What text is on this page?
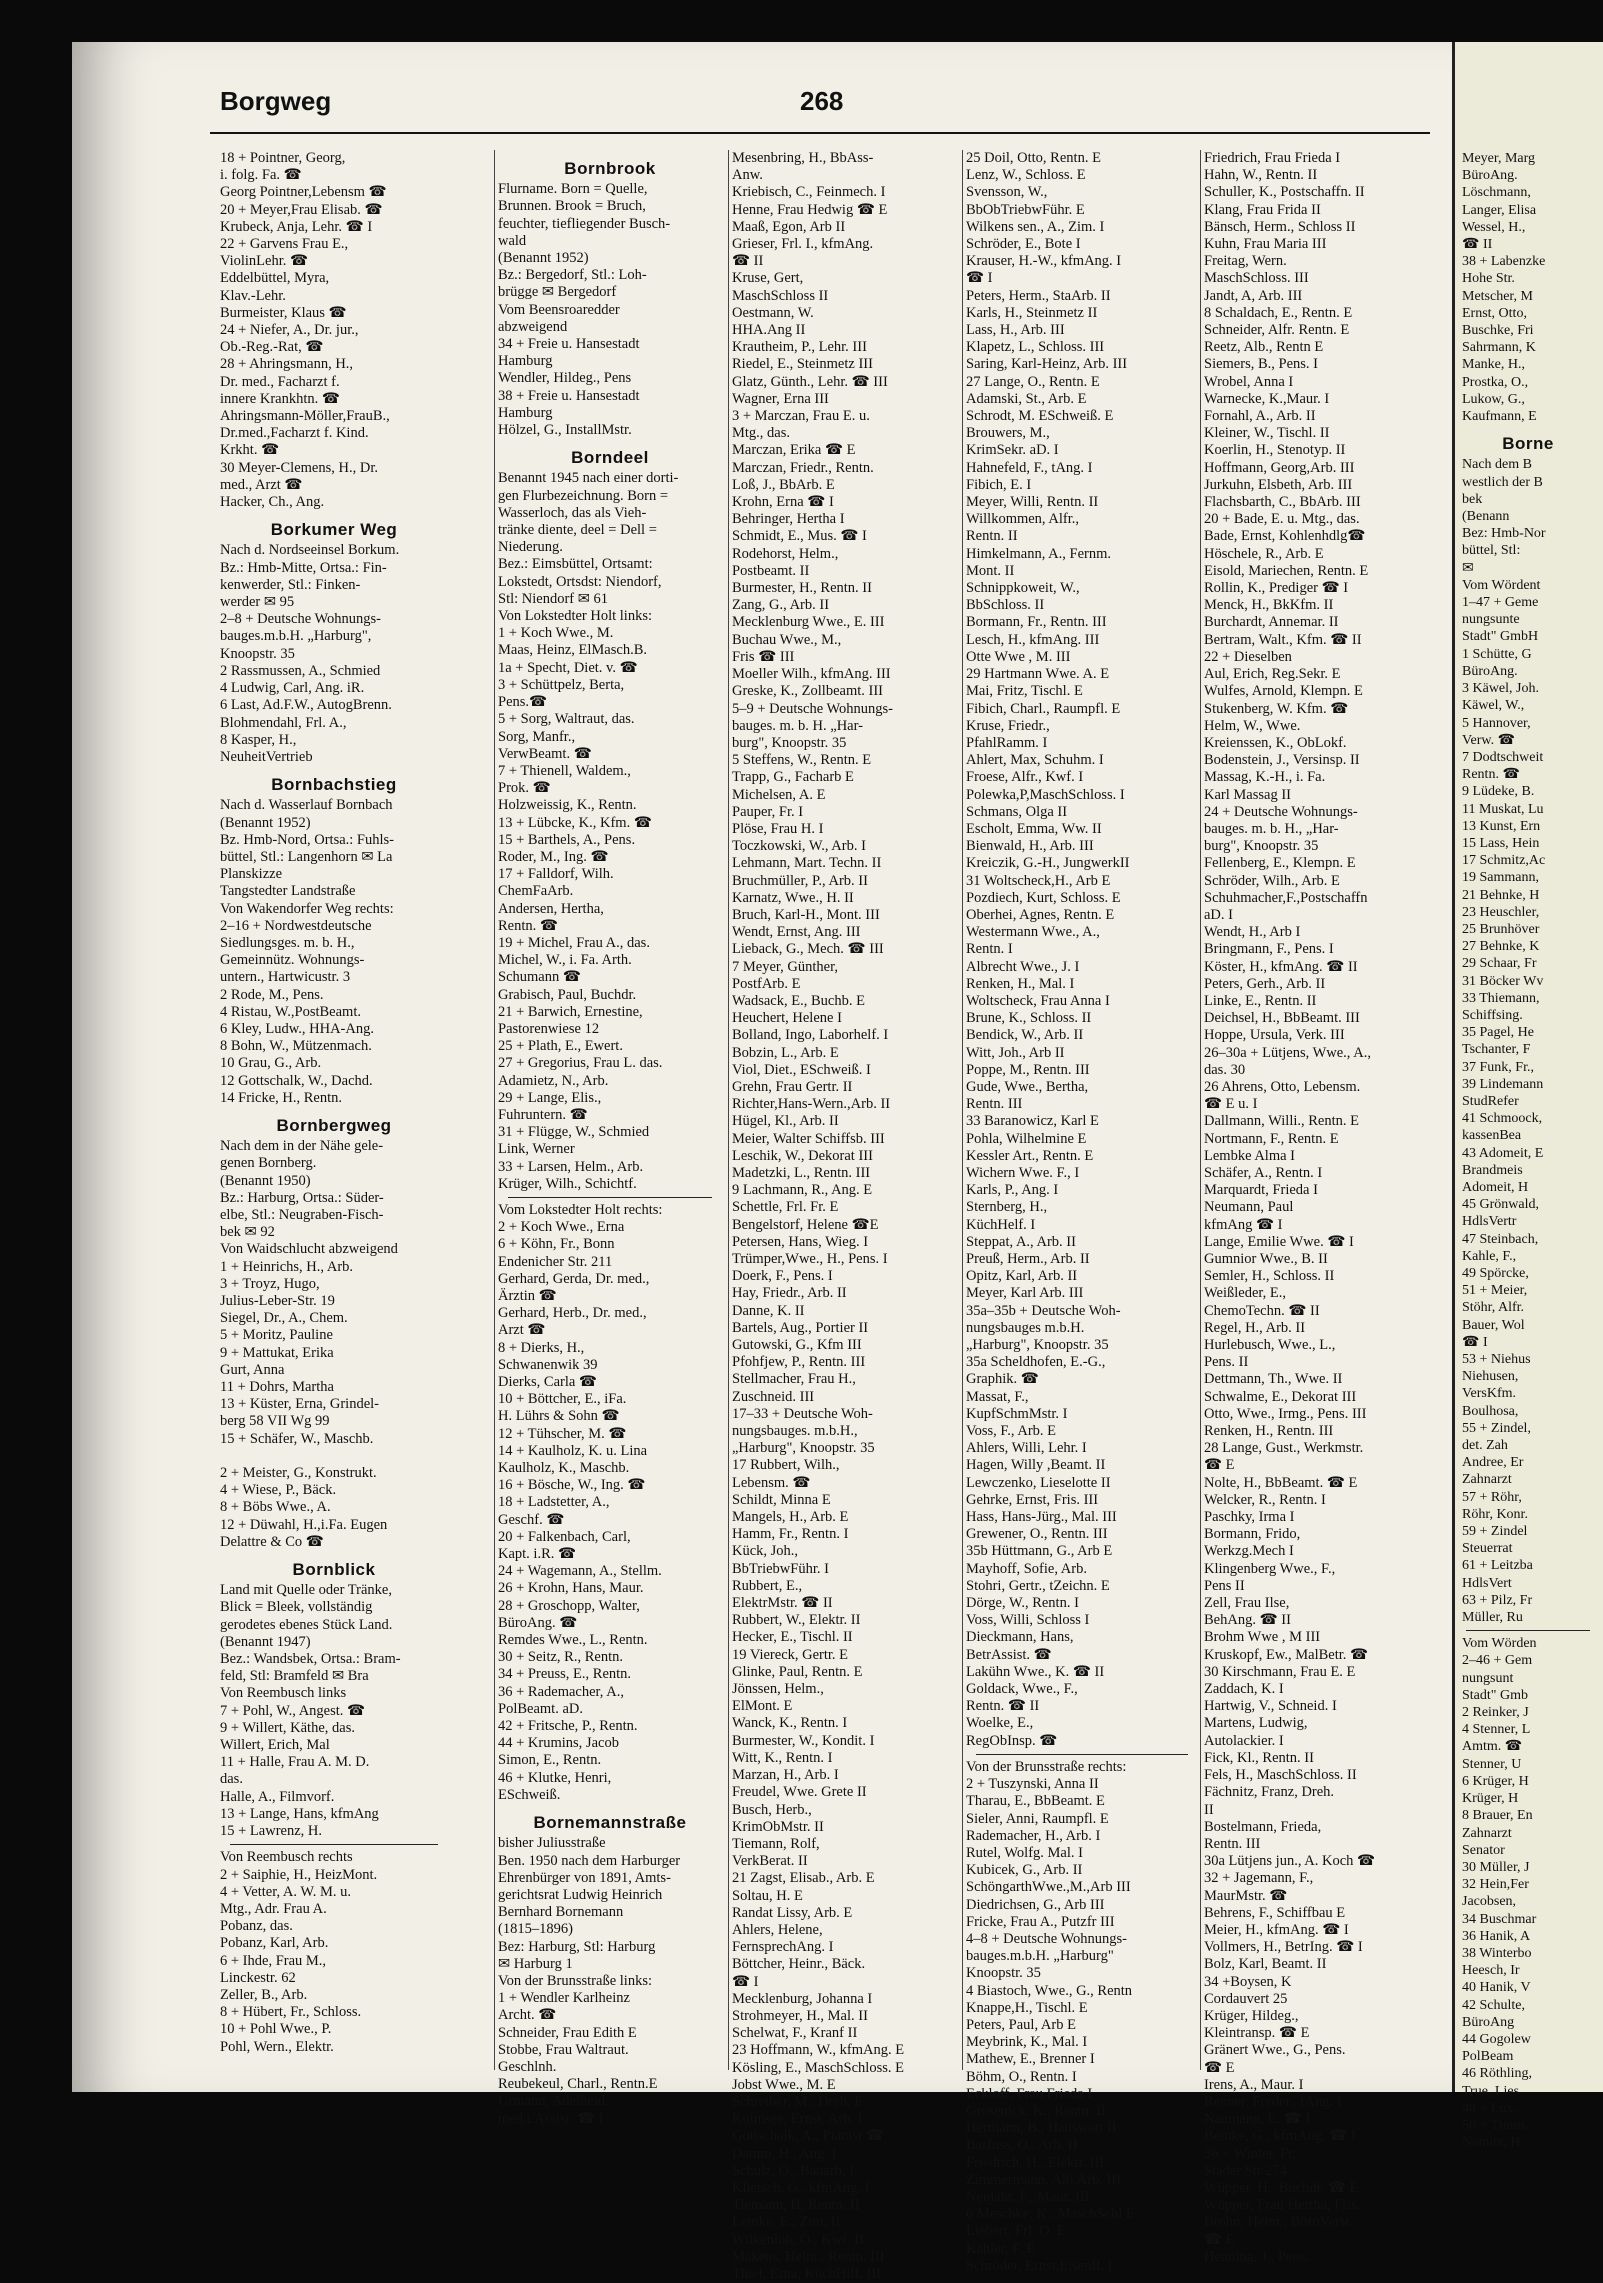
Borgweg	268
18 + Pointner, Georg,
i. folg. Fa. ☎
Georg Pointner,Lebensm ☎
20 + Meyer,Frau Elisab. ☎
Krubeck, Anja, Lehr. ☎ I
22 + Garvens Frau E.,
ViolinLehr. ☎
Eddelbüttel, Myra,
Klav.-Lehr.
Burmeister, Klaus ☎
24 + Niefer, A., Dr. jur.,
Ob.-Reg.-Rat, ☎
28 + Ahringsmann, H.,
Dr. med., Facharzt f.
innere Krankhtn. ☎
Ahringsmann-Möller,FrauB.,
Dr.med.,Facharzt f. Kind.
Krkht. ☎
30 Meyer-Clemens, H., Dr.
med., Arzt ☎
Hacker, Ch., Ang.
Borkumer Weg
Nach d. Nordseeinsel Borkum.
Bz.: Hmb-Mitte, Ortsa.: Fin-
kenwerder, Stl.: Finken-
werder ✉ 95
2–8 + Deutsche Wohnungs-
bauges.m.b.H. „Harburg",
Knoopstr. 35
2 Rassmussen, A., Schmied
4 Ludwig, Carl, Ang. iR.
6 Last, Ad.F.W., AutogBrenn.
Blohmendahl, Frl. A.,
8 Kasper, H.,
NeuheitVertrieb
Bornbachstieg
Nach d. Wasserlauf Bornbach
(Benannt 1952)
Bz. Hmb-Nord, Ortsa.: Fuhls-
büttel, Stl.: Langenhorn ✉ La
Planskizze
Tangstedter Landstraße
Von Wakendorfer Weg rechts:
2–16 + Nordwestdeutsche
Siedlungsges. m. b. H.,
Gemeinnütz. Wohnungs-
untern., Hartwicustr. 3
2 Rode, M., Pens.
4 Ristau, W.,PostBeamt.
6 Kley, Ludw., HHA-Ang.
8 Bohn, W., Mützenmach.
10 Grau, G., Arb.
12 Gottschalk, W., Dachd.
14 Fricke, H., Rentn.
Bornbergweg
Nach dem in der Nähe gele-
genen Bornberg.
(Benannt 1950)
Bz.: Harburg, Ortsa.: Süder-
elbe, Stl.: Neugraben-Fisch-
bek ✉ 92
Von Waidschlucht abzweigend
1 + Heinrichs, H., Arb.
3 + Troyz, Hugo,
Julius-Leber-Str. 19
Siegel, Dr., A., Chem.
5 + Moritz, Pauline
9 + Mattukat, Erika
Gurt, Anna
11 + Dohrs, Martha
13 + Küster, Erna, Grindel-
berg 58 VII Wg 99
15 + Schäfer, W., Maschb.

2 + Meister, G., Konstrukt.
4 + Wiese, P., Bäck.
8 + Böbs Wwe., A.
12 + Düwahl, H.,i.Fa. Eugen
Delattre & Co ☎
Bornblick
Land mit Quelle oder Tränke,
Blick = Bleek, vollständig
gerodetes ebenes Stück Land.
(Benannt 1947)
Bez.: Wandsbek, Ortsa.: Bram-
feld, Stl: Bramfeld ✉ Bra
Von Reembusch links
7 + Pohl, W., Angest. ☎
9 + Willert, Käthe, das.
Willert, Erich, Mal
11 + Halle, Frau A. M. D.
das.
Halle, A., Filmvorf.
13 + Lange, Hans, kfmAng
15 + Lawrenz, H.
Von Reembusch rechts
2 + Saiphie, H., HeizMont.
4 + Vetter, A. W. M. u.
Mtg., Adr. Frau A.
Pobanz, das.
Pobanz, Karl, Arb.
6 + Ihde, Frau M.,
Linckestr. 62
Zeller, B., Arb.
8 + Hübert, Fr., Schloss.
10 + Pohl Wwe., P.
Pohl, Wern., Elektr.
Bornbrook
Flurname. Born = Quelle,
Brunnen. Brook = Bruch,
feuchter, tiefliegender Busch-
wald
(Benannt 1952)
Bz.: Bergedorf, Stl.: Loh-
brügge ✉ Bergedorf
Vom Beensroaredder
abzweigend
34 + Freie u. Hansestadt
Hamburg
Wendler, Hildeg., Pens
38 + Freie u. Hansestadt
Hamburg
Hölzel, G., InstallMstr.
Borndeel
Benannt 1945 nach einer dorti-
gen Flurbezeichnung. Born =
Wasserloch, das als Vieh-
tränke diente, deel = Dell =
Niederung.
Bez.: Eimsbüttel, Ortsamt:
Lokstedt, Ortsdst: Niendorf,
Stl: Niendorf ✉ 61
Von Lokstedter Holt links:
1 + Koch Wwe., M.
Maas, Heinz, ElMasch.B.
1a + Specht, Diet. v. ☎
3 + Schüttpelz, Berta,
Pens.☎
5 + Sorg, Waltraut, das.
Sorg, Manfr.,
VerwBeamt. ☎
7 + Thienell, Waldem.,
Prok. ☎
Holzweissig, K., Rentn.
13 + Lübcke, K., Kfm. ☎
15 + Barthels, A., Pens.
Roder, M., Ing. ☎
17 + Falldorf, Wilh.
ChemFaArb.
Andersen, Hertha,
Rentn. ☎
19 + Michel, Frau A., das.
Michel, W., i. Fa. Arth.
Schumann ☎
Grabisch, Paul, Buchdr.
21 + Barwich, Ernestine,
Pastorenwiese 12
25 + Plath, E., Ewert.
27 + Gregorius, Frau L. das.
Adamietz, N., Arb.
29 + Lange, Elis.,
Fuhruntern. ☎
31 + Flügge, W., Schmied
Link, Werner
33 + Larsen, Helm., Arb.
Krüger, Wilh., Schichtf.
Vom Lokstedter Holt rechts:
2 + Koch Wwe., Erna
6 + Köhn, Fr., Bonn
Endenicher Str. 211
Gerhard, Gerda, Dr. med.,
Ärztin ☎
Gerhard, Herb., Dr. med.,
Arzt ☎
8 + Dierks, H.,
Schwanenwik 39
Dierks, Carla ☎
10 + Böttcher, E., iFa.
H. Lührs & Sohn ☎
12 + Tühscher, M. ☎
14 + Kaulholz, K. u. Lina
Kaulholz, K., Maschb.
16 + Bösche, W., Ing. ☎
18 + Ladstetter, A.,
Geschf. ☎
20 + Falkenbach, Carl,
Kapt. i.R. ☎
24 + Wagemann, A., Stellm.
26 + Krohn, Hans, Maur.
28 + Groschopp, Walter,
BüroAng. ☎
Remdes Wwe., L., Rentn.
30 + Seitz, R., Rentn.
34 + Preuss, E., Rentn.
36 + Rademacher, A.,
PolBeamt. aD.
42 + Fritsche, P., Rentn.
44 + Krumins, Jacob
Simon, E., Rentn.
46 + Klutke, Henri,
ESchweiß.
Bornemannstraße
bisher Juliusstraße
Ben. 1950 nach dem Harburger
Ehrenbürger von 1891, Amts-
gerichtsrat Ludwig Heinrich
Bernhard Bornemann
(1815–1896)
Bez: Harburg, Stl: Harburg
✉ Harburg 1
Von der Brunsstraße links:
1 + Wendler Karlheinz
Archt. ☎
Schneider, Frau Edith E
Stobbe, Frau Waltraut.
Geschlnh.
Reubekeul, Charl., Rentn.E
Urmann, Adelheid,
med.t.Assist. ☎ I
Mesenbring, H., BbAss-
Anw.
Kriebisch, C., Feinmech. I
Henne, Frau Hedwig ☎ E
Maaß, Egon, Arb II
Grieser, Frl. I., kfmAng.
☎ II
Kruse, Gert,
MaschSchloss II
Oestmann, W.
HHA.Ang II
Krautheim, P., Lehr. III
Riedel, E., Steinmetz III
Glatz, Günth., Lehr. ☎ III
Wagner, Erna III
3 + Marczan, Frau E. u.
Mtg., das.
Marczan, Erika ☎ E
Marczan, Friedr., Rentn.
Loß, J., BbArb. E
Krohn, Erna ☎ I
Behringer, Hertha I
Schmidt, E., Mus. ☎ I
Rodehorst, Helm.,
Postbeamt. II
Burmester, H., Rentn. II
Zang, G., Arb. II
Mecklenburg Wwe., E. III
Buchau Wwe., M.,
Fris ☎ III
Moeller Wilh., kfmAng. III
Greske, K., Zollbeamt. III
5–9 + Deutsche Wohnungs-
bauges. m. b. H. „Har-
burg", Knoopstr. 35
5 Steffens, W., Rentn. E
Trapp, G., Facharb E
Michelsen, A. E
Pauper, Fr. I
Plöse, Frau H. I
Toczkowski, W., Arb. I
Lehmann, Mart. Techn. II
Bruchmüller, P., Arb. II
Karnatz, Wwe., H. II
Bruch, Karl-H., Mont. III
Wendt, Ernst, Ang. III
Lieback, G., Mech. ☎ III
7 Meyer, Günther,
PostfArb. E
Wadsack, E., Buchb. E
Heuchert, Helene I
Bolland, Ingo, Laborhelf. I
Bobzin, L., Arb. E
Viol, Diet., ESchweiß. I
Grehn, Frau Gertr. II
Richter,Hans-Wern.,Arb. II
Hügel, Kl., Arb. II
Meier, Walter Schiffsb. III
Leschik, W., Dekorat III
Madetzki, L., Rentn. III
9 Lachmann, R., Ang. E
Schettle, Frl. Fr. E
Bengelstorf, Helene ☎E
Petersen, Hans, Wieg. I
Trümper,Wwe., H., Pens. I
Doerk, F., Pens. I
Hay, Friedr., Arb. II
Danne, K. II
Bartels, Aug., Portier II
Gutowski, G., Kfm III
Pfohfjew, P., Rentn. III
Stellmacher, Frau H.,
Zuschneid. III
17–33 + Deutsche Woh-
nungsbauges. m.b.H.,
„Harburg", Knoopstr. 35
17 Rubbert, Wilh.,
Lebensm. ☎
Schildt, Minna E
Mangels, H., Arb. E
Hamm, Fr., Rentn. I
Kück, Joh.,
BbTriebwFühr. I
Rubbert, E.,
ElektrMstr. ☎ II
Rubbert, W., Elektr. II
Hecker, E., Tischl. II
19 Viereck, Gertr. E
Glinke, Paul, Rentn. E
Jönssen, Helm.,
ElMont. E
Wanck, K., Rentn. I
Burmester, W., Kondit. I
Witt, K., Rentn. I
Marzan, H., Arb. I
Freudel, Wwe. Grete II
Busch, Herb.,
KrimObMstr. II
Tiemann, Rolf,
VerkBerat. II
21 Zagst, Elisab., Arb. E
Soltau, H. E
Randat Lissy, Arb. E
Ahlers, Helene,
FernsprechAng. I
Böttcher, Heinr., Bäck.
☎ I
Mecklenburg, Johanna I
Strohmeyer, H., Mal. II
Schelwat, F., Kranf II
23 Hoffmann, W., kfmAng. E
Kösling, E., MaschSchloss. E
Jobst Wwe., M. E
Schreiber, M., Dreh. E
Kolmsee, Ernst, Arb. I
Gottschalk, A., Pianist ☎
Damm, H., Ang. I
Schulz, O., Bauarb. I
Klietsch, G., kfmAng. I
Tiemann, H, Rentn. II
Lemke, E., Zim. II
Wilkenloh, O., Kwf. II
Makens, Heinr., Rentn. III
Thiel, Erna, KüchHilf. III
25 Doil, Otto, Rentn. E
Lenz, W., Schloss. E
Svensson, W.,
BbObTriebwFühr. E
Wilkens sen., A., Zim. I
Schröder, E., Bote I
Krauser, H.-W., kfmAng. I
☎ I
Peters, Herm., StaArb. II
Karls, H., Steinmetz II
Lass, H., Arb. III
Klapetz, L., Schloss. III
Saring, Karl-Heinz, Arb. III
27 Lange, O., Rentn. E
Adamski, St., Arb. E
Schrodt, M. ESchweiß. E
Brouwers, M.,
KrimSekr. aD. I
Hahnefeld, F., tAng. I
Fibich, E. I
Meyer, Willi, Rentn. II
Willkommen, Alfr.,
Rentn. II
Himkelmann, A., Fernm.
Mont. II
Schnippkoweit, W.,
BbSchloss. II
Bormann, Fr., Rentn. III
Lesch, H., kfmAng. III
Otte Wwe , M. III
29 Hartmann Wwe. A. E
Mai, Fritz, Tischl. E
Fibich, Charl., Raumpfl. E
Kruse, Friedr.,
PfahlRamm. I
Ahlert, Max, Schuhm. I
Froese, Alfr., Kwf. I
Polewka,P,MaschSchloss. I
Schmans, Olga II
Escholt, Emma, Ww. II
Bienwald, H., Arb. III
Kreiczik, G.-H., JungwerkII
31 Woltscheck,H., Arb E
Pozdiech, Kurt, Schloss. E
Oberhei, Agnes, Rentn. E
Westermann Wwe., A.,
Rentn. I
Albrecht Wwe., J. I
Renken, H., Mal. I
Woltscheck, Frau Anna I
Brune, K., Schloss. II
Bendick, W., Arb. II
Witt, Joh., Arb II
Poppe, M., Rentn. III
Gude, Wwe., Bertha,
Rentn. III
33 Baranowicz, Karl E
Pohla, Wilhelmine E
Kessler Art., Rentn. E
Wichern Wwe. F., I
Karls, P., Ang. I
Sternberg, H.,
KüchHelf. I
Steppat, A., Arb. II
Preuß, Herm., Arb. II
Opitz, Karl, Arb. II
Meyer, Karl Arb. III
35a–35b + Deutsche Woh-
nungsbauges m.b.H.
„Harburg", Knoopstr. 35
35a Scheldhofen, E.-G.,
Graphik. ☎
Massat, F.,
KupfSchmMstr. I
Voss, F., Arb. E
Ahlers, Willi, Lehr. I
Hagen, Willy ,Beamt. II
Lewczenko, Lieselotte II
Gehrke, Ernst, Fris. III
Hass, Hans-Jürg., Mal. III
Grewener, O., Rentn. III
35b Hüttmann, G., Arb E
Mayhoff, Sofie, Arb.
Stohri, Gertr., tZeichn. E
Dörge, W., Rentn. I
Voss, Willi, Schloss I
Dieckmann, Hans,
BetrAssist. ☎
Lakühn Wwe., K. ☎ II
Goldack, Wwe., F.,
Rentn. ☎ II
Woelke, E.,
RegObInsp. ☎
Von der Brunsstraße rechts:
2 + Tuszynski, Anna II
Tharau, E., BbBeamt. E
Sieler, Anni, Raumpfl. E
Rademacher, H., Arb. I
Rutel, Wolfg. Mal. I
Kubicek, G., Arb. II
SchöngarthWwe.,M.,Arb III
Diedrichsen, G., Arb III
Fricke, Frau A., Putzfr III
4–8 + Deutsche Wohnungs-
bauges.m.b.H. „Harburg"
Knoopstr. 35
4 Biastoch, Wwe., G., Rentn
Knappe,H., Tischl. E
Peters, Paul, Arb E
Meybrink, K., Mal. I
Mathew, E., Brenner I
Böhm, O., Rentn. I
Eckloff, Frau Frieda I
Grosenick, K., Rentn. II
Hermann, B., Hauswart II
Barfuss, O., Arb. II
Friedrich, H., Elektr. III
Zimmermann, Alb.Arb. III
Neujahr, F., Maur. III
6 Meschke, K., MaschSchl E
Liebert, Frl. O. E
Kähler, F. E
Schröder, Ernst,Eisenfl. I
Friedrich, Frau Frieda I
Hahn, W., Rentn. II
Schuller, K., Postschaffn. II
Klang, Frau Frida II
Bänsch, Herm., Schloss II
Kuhn, Frau Maria III
Freitag, Wern.
MaschSchloss. III
Jandt, A, Arb. III
8 Schaldach, E., Rentn. E
Schneider, Alfr. Rentn. E
Reetz, Alb., Rentn E
Siemers, B., Pens. I
Wrobel, Anna I
Warnecke, K.,Maur. I
Fornahl, A., Arb. II
Kleiner, W., Tischl. II
Koerlin, H., Stenotyp. II
Hoffmann, Georg,Arb. III
Jurkuhn, Elsbeth, Arb. III
Flachsbarth, C., BbArb. III
20 + Bade, E. u. Mtg., das.
Bade, Ernst, Kohlenhdlg☎
Höschele, R., Arb. E
Eisold, Mariechen, Rentn. E
Rollin, K., Prediger ☎ I
Menck, H., BkKfm. II
Burchardt, Annemar. II
Bertram, Walt., Kfm. ☎ II
22 + Dieselben
Aul, Erich, Reg.Sekr. E
Wulfes, Arnold, Klempn. E
Stukenberg, W. Kfm. ☎
Helm, W., Wwe.
Kreienssen, K., ObLokf.
Bodenstein, J., Versinsp. II
Massag, K.-H., i. Fa.
Karl Massag II
24 + Deutsche Wohnungs-
bauges. m. b. H., „Har-
burg", Knoopstr. 35
Fellenberg, E., Klempn. E
Schröder, Wilh., Arb. E
Schuhmacher,F.,Postschaffn
aD. I
Wendt, H., Arb I
Bringmann, F., Pens. I
Köster, H., kfmAng. ☎ II
Peters, Gerh., Arb. II
Linke, E., Rentn. II
Deichsel, H., BbBeamt. III
Hoppe, Ursula, Verk. III
26–30a + Lütjens, Wwe., A.,
das. 30
26 Ahrens, Otto, Lebensm.
☎ E u. I
Dallmann, Willi., Rentn. E
Nortmann, F., Rentn. E
Lembke Alma I
Schäfer, A., Rentn. I
Marquardt, Frieda I
Neumann, Paul
kfmAng ☎ I
Lange, Emilie Wwe. ☎ I
Gumnior Wwe., B. II
Semler, H., Schloss. II
Weißleder, E.,
ChemoTechn. ☎ II
Regel, H., Arb. II
Hurlebusch, Wwe., L.,
Pens. II
Dettmann, Th., Wwe. II
Schwalme, E., Dekorat III
Otto, Wwe., Irmg., Pens. III
Renken, H., Rentn. III
28 Lange, Gust., Werkmstr.
☎ E
Nolte, H., BbBeamt. ☎ E
Welcker, R., Rentn. I
Paschky, Irma I
Bormann, Frido,
Werkzg.Mech I
Klingenberg Wwe., F.,
Pens II
Zell, Frau Ilse,
BehAng. ☎ II
Brohm Wwe , M III
Kruskopf, Ew., MalBetr. ☎
30 Kirschmann, Frau E. E
Zaddach, K. I
Hartwig, V., Schneid. I
Martens, Ludwig,
Autolackier. I
Fick, Kl., Rentn. II
Fels, H., MaschSchloss. II
Fächnitz, Franz, Dreh.
II
Bostelmann, Frieda,
Rentn. III
30a Lütjens jun., A. Koch ☎
32 + Jagemann, F.,
MaurMstr. ☎
Behrens, F., Schiffbau E
Meier, H., kfmAng. ☎ I
Vollmers, H., BetrIng. ☎ I
Bolz, Karl, Beamt. II
34 +Boysen, K
Cordauvert 25
Krüger, Hildeg.,
Kleintransp. ☎ E
Gränert Wwe., G., Pens.
☎ E
Irens, A., Maur. I
Renner, Freder., tAng. I
Naumann, E. ☎ I
Beinke, G., kfmAng. ☎ I
36 + Winter, Fr.
Stader Str 274
Wüpper, H., Buchdr. ☎ E
Wüpper, Frau Hertha, Fris.
Brohn, Heinr., BüroVerst.
☎ E
Henning, J., Pens.
Meyer, Marg
BüroAng.
Löschmann,
Langer, Elisa
Wessel, H.,
☎ II
38 + Labenzke
Hohe Str.
Metscher, M
Ernst, Otto,
Buschke, Fri
Sahrmann, K
Manke, H.,
Prostka, O.,
Lukow, G.,
Kaufmann, E
Borne
Nach dem B
westlich der B
bek
(Benann
Bez: Hmb-Nor
büttel, Stl:
✉
Vom Wördent
1–47 + Geme
nungsunte
Stadt" GmbH
1 Schütte, G
BüroAng.
3 Käwel, Joh.
Käwel, W.,
5 Hannover,
Verw. ☎
7 Dodtschweit
Rentn. ☎
9 Lüdeke, B.
11 Muskat, Lu
13 Kunst, Ern
15 Lass, Hein
17 Schmitz,Ac
19 Sammann,
21 Behnke, H
23 Heuschler,
25 Brunhöver
27 Behnke, K
29 Schaar, Fr
31 Böcker Wv
33 Thiemann,
Schiffsing.
35 Pagel, He
Tschanter, F
37 Funk, Fr.,
39 Lindemann
StudRefer
41 Schmoock,
kassenBea
43 Adomeit, E
Brandmeis
Adomeit, H
45 Grönwald,
HdlsVertr
47 Steinbach,
Kahle, F.,
49 Spörcke,
51 + Meier,
Stöhr, Alfr.
Bauer, Wol
☎ I
53 + Niehus
Niehusen,
VersKfm.
Boulhosa,
55 + Zindel,
det. Zah
Andree, Er
Zahnarzt
57 + Röhr,
Röhr, Konr.
59 + Zindel
Steuerrat
61 + Leitzba
HdlsVert
63 + Pilz, Fr
Müller, Ru
Vom Wörden
2–46 + Gem
nungsunt
Stadt" Gmb
2 Reinker, J
4 Stenner, L
Amtm. ☎
Stenner, U
6 Krüger, H
Krüger, H
8 Brauer, En
Zahnarzt
Senator
30 Müller, J
32 Hein,Fer
Jacobsen,
34 Buschmar
36 Hanik, A
38 Winterbo
Heesch, Ir
40 Hanik, V
42 Schulte,
BüroAng
44 Gogolew
PolBeam
46 Röthling,
True, Lies
48 + Lux,
50 + Timm,
Nemitz, H
